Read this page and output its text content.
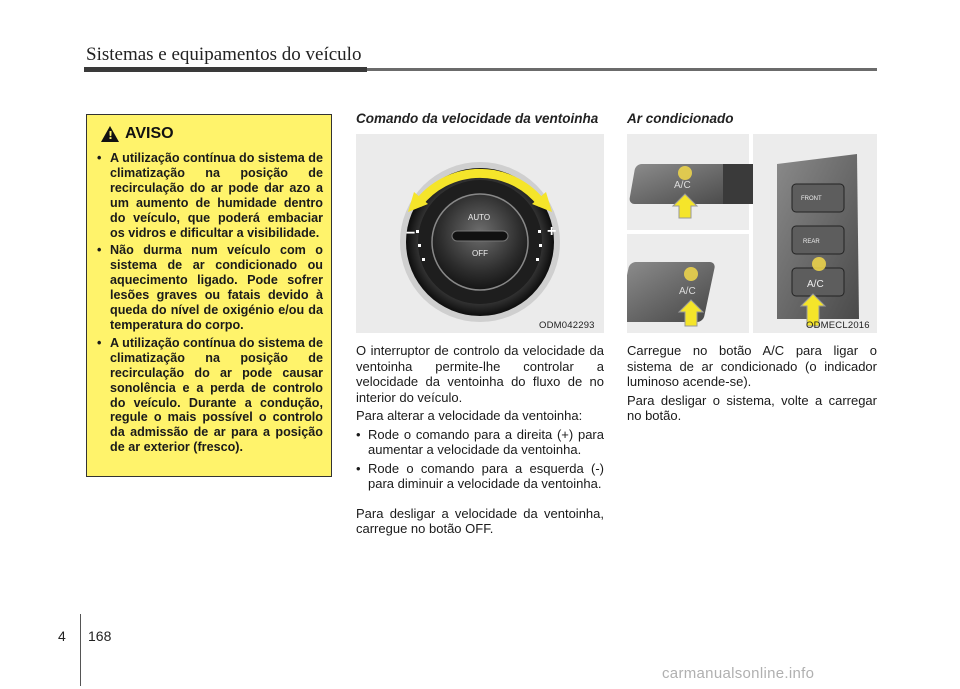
Sistemas e equipamentos do veículo
!
AVISO
• A utilização contínua do sistema de climatização na posição de recirculação do ar pode dar azo a um aumento de humidade dentro do veículo, que poderá embaciar os vidros e dificultar a visibilidade.
• Não durma num veículo com o sistema de ar condicionado ou aquecimento ligado. Pode sofrer lesões graves ou fatais devido à queda do nível de oxigénio e/ou da temperatura do corpo.
• A utilização contínua do sistema de climatização na posição de recirculação do ar pode causar sonolência e a perda de controlo do veículo. Durante a condução, regule o mais possível o controlo da admissão de ar para a posição de ar exterior (fresco).
Comando da velocidade da ventoinha
AUTO
OFF
−	+
ODM042293

O interruptor de controlo da velocidade da ventoinha permite-lhe controlar a velocidade da ventoinha do fluxo de no interior do veículo.

Para alterar a velocidade da ventoinha:

• Rode o comando para a direita (+) para aumentar a velocidade da ventoinha.

• Rode o comando para a esquerda (-) para diminuir a velocidade da ventoinha.

Para desligar a velocidade da ventoinha, carregue no botão OFF.

Ar condicionado
A/C
A/C
FRONT
REAR
A/C
ODMECL2016

Carregue no botão A/C para ligar o sistema de ar condicionado (o indicador luminoso acende-se).

Para desligar o sistema, volte a carregar no botão.

4 168
carmanualsonline.info
